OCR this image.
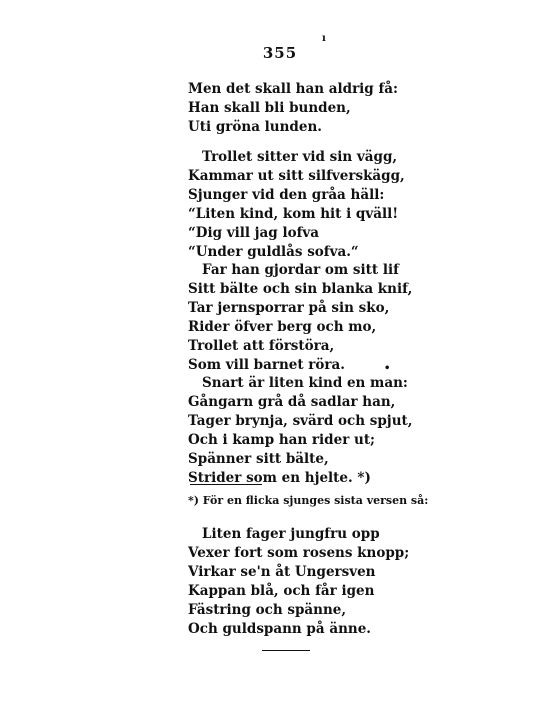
ı
355
Men det skall han aldrig få:
Han skall bli bunden,
Uti gröna lunden.
Trollet sitter vid sin vägg,
Kammar ut sitt silfverskägg,
Sjunger vid den gråa häll:
“Liten kind, kom hit i qväll!
“Dig vill jag lofva
“Under guldlås sofva.“
Far han gjordar om sitt lif
Sitt bälte och sin blanka knif,
Tar jernsporrar på sin sko,
Rider öfver berg och mo,
Trollet att förstöra,
Som vill barnet röra.	•
Snart är liten kind en man:
Gångarn grå då sadlar han,
Tager brynja, svärd och spjut,
Och i kamp han rider ut;
Spänner sitt bälte,
Strider som en hjelte. *)
*) För en flicka sjunges sista versen så:
Liten fager jungfru opp
Vexer fort som rosens knopp;
Virkar se'n åt Ungersven
Kappan blå, och får igen
Fästring och spänne,
Och guldspann på änne.
